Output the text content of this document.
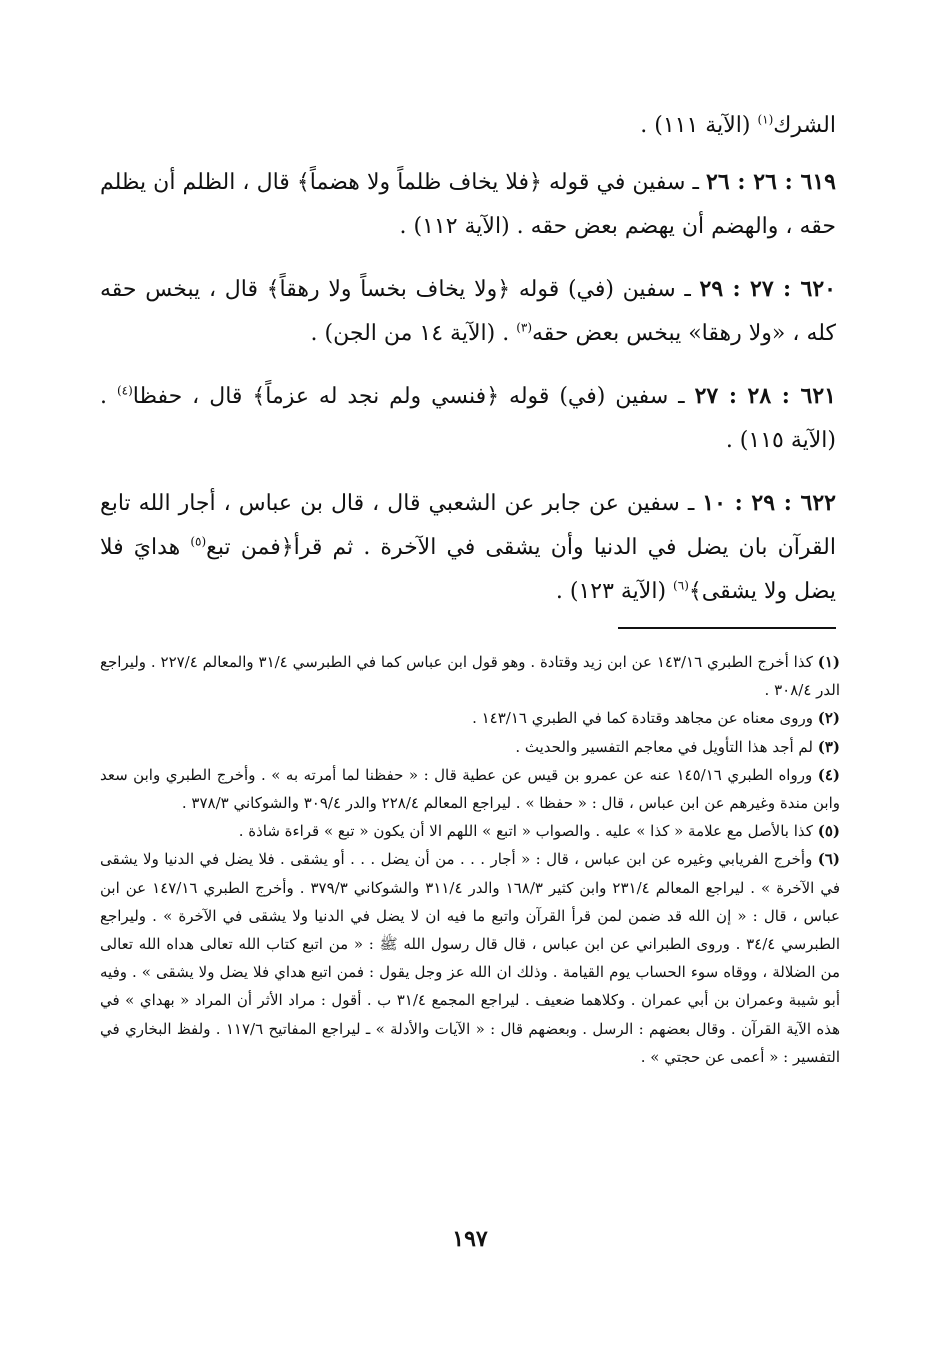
الشرك$^{(١)}$ (الآية ١١١) .

٦١٩ : ٢٦ : ٢٦ ـ سفين في قوله ﴿فلا يخاف ظلماً ولا هضماً﴾ قال ، الظلم أن يظلم حقه ، والهضم أن يهضم بعض حقه . (الآية ١١٢) .

٦٢٠ : ٢٧ : ٢٩ ـ سفين (في) قوله ﴿ولا يخاف بخساً ولا رهقاً﴾ قال ، يبخس حقه كله ، «ولا رهقا» يبخس بعض حقه$^{(٣)}$ . (الآية ١٤ من الجن) .

٦٢١ : ٢٨ : ٢٧ ـ سفين (في) قوله ﴿فنسي ولم نجد له عزماً﴾ قال ، حفظا$^{(٤)}$ . (الآية ١١٥) .

٦٢٢ : ٢٩ : ١٠ ـ سفين عن جابر عن الشعبي قال ، قال بن عباس ، أجار الله تابع القرآن بان يضل في الدنيا وأن يشقى في الآخرة . ثم قرأ﴿فمن تبع$^{(٥)}$ هدايَ فلا يضل ولا يشقى﴾$^{(٦)}$ (الآية ١٢٣) .

(١) كذا أخرج الطبري ١٤٣/١٦ عن ابن زيد وقتادة . وهو قول ابن عباس كما في الطبرسي ٣١/٤ والمعالم ٢٢٧/٤ . وليراجع الدر ٣٠٨/٤ .

(٢) وروى معناه عن مجاهد وقتادة كما في الطبري ١٤٣/١٦ .

(٣) لم أجد هذا التأويل في معاجم التفسير والحديث .

(٤) ورواه الطبري ١٤٥/١٦ عنه عن عمرو بن قيس عن عطية قال : « حفظنا لما أمرته به » . وأخرج الطبري وابن سعد وابن مندة وغيرهم عن ابن عباس ، قال : « حفظا » . ليراجع المعالم ٢٢٨/٤ والدر ٣٠٩/٤ والشوكاني ٣٧٨/٣ .

(٥) كذا بالأصل مع علامة « كذا » عليه . والصواب « اتبع » اللهم الا أن يكون « تبع » قراءة شاذة .

(٦) وأخرج الفريابي وغيره عن ابن عباس ، قال : « أجار . . . من أن يضل . . . أو يشقى . فلا يضل في الدنيا ولا يشقى في الآخرة » . ليراجع المعالم ٢٣١/٤ وابن كثير ١٦٨/٣ والدر ٣١١/٤ والشوكاني ٣٧٩/٣ . وأخرج الطبري ١٤٧/١٦ عن ابن عباس ، قال : « إن الله قد ضمن لمن قرأ القرآن واتبع ما فيه ان لا يضل في الدنيا ولا يشقى في الآخرة » . وليراجع الطبرسي ٣٤/٤ . وروى الطبراني عن ابن عباس ، قال قال رسول الله ﷺ : « من اتبع كتاب الله تعالى هداه الله تعالى من الضلالة ، ووقاه سوء الحساب يوم القيامة . وذلك ان الله عز وجل يقول : فمن اتبع هداي فلا يضل ولا يشقى » . وفيه أبو شيبة وعمران بن أبي عمران . وكلاهما ضعيف . ليراجع المجمع ٣١/٤ ب . أقول : مراد الأثر أن المراد « بهداي » في هذه الآية القرآن . وقال بعضهم : الرسل . وبعضهم قال : « الآيات والأدلة » ـ ليراجع المفاتيح ١١٧/٦ . ولفظ البخاري في التفسير : « أعمى عن حجتي » .

١٩٧
